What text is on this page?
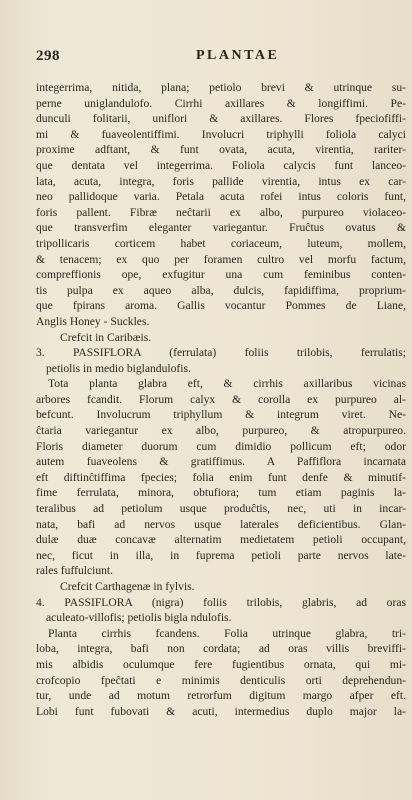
298	PLANTAE
integerrima, nitida, plana; petiolo brevi & utrinque su-
perne uniglandulofo. Cirrhi axillares & longiffimi. Pe-
dunculi folitarii, uniflori & axillares. Flores fpeciofiffi-
mi & fuaveolentiffimi. Involucri triphylli foliola calyci
proxime adftant, & funt ovata, acuta, virentia, rariter-
que dentata vel integerrima. Foliola calycis funt lanceo-
lata, acuta, integra, foris pallide virentia, intus ex car-
neo pallidoque varia. Petala acuta rofei intus coloris funt,
foris pallent. Fibræ neĉtarii ex albo, purpureo violaceo-
que transverfim eleganter variegantur. Fruĉtus ovatus &
tripollicaris corticem habet coriaceum, luteum, mollem,
& tenacem; ex quo per foramen cultro vel morfu factum,
compreffionis ope, exfugitur una cum feminibus conten-
tis pulpa ex aqueo alba, dulcis, fapidiffima, proprium-
que fpirans aroma. Gallis vocantur Pommes de Liane,
Anglis Honey - Suckles.
Crefcit in Caribæis.
3. PASSIFLORA (ferrulata) foliis trilobis, ferrulatis;
petiolis in medio biglandulofis.
Tota planta glabra eft, & cirrhis axillaribus vicinas
arbores fcandit. Florum calyx & corolla ex purpureo al-
befcunt. Involucrum triphyllum & integrum viret. Ne-
ĉtaria variegantur ex albo, purpureo, & atropurpureo.
Floris diameter duorum cum dimidio pollicum eft; odor
autem fuaveolens & gratiffimus. A Paffiflora incarnata
eft diftinĉtiffima fpecies; folia enim funt denfe & minutif-
fime ferrulata, minora, obtufiora; tum etiam paginis la-
teralibus ad petiolum usque produĉtis, nec, uti in incar-
nata, bafi ad nervos usque laterales deficientibus. Glan-
dulæ duæ concavæ alternatim medietatem petioli occupant,
nec, ficut in illa, in fuprema petioli parte nervos late-
rales fuffulciunt.
Crefcit Carthagenæ in fylvis.
4. PASSIFLORA (nigra) foliis trilobis, glabris, ad oras
aculeato-villofis; petiolis bigla ndulofis.
Planta cirrhis fcandens. Folia utrinque glabra, tri-
loba, integra, bafi non cordata; ad oras villis breviffi-
mis albidis oculumque fere fugientibus ornata, qui mi-
crofcopio fpeĉtati e minimis denticulis orti deprehendun-
tur, unde ad motum retrorfum digitum margo afper eft.
Lobi funt fubovati & acuti, intermedius duplo major la-
